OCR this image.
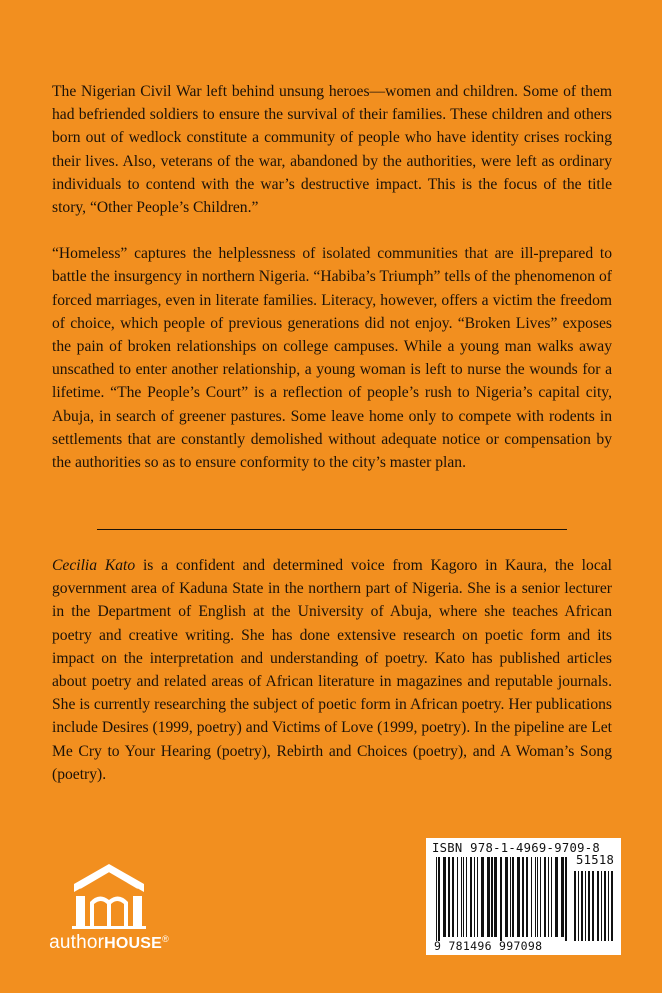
The Nigerian Civil War left behind unsung heroes—women and children. Some of them had befriended soldiers to ensure the survival of their families. These children and others born out of wedlock constitute a community of people who have identity crises rocking their lives. Also, veterans of the war, abandoned by the authorities, were left as ordinary individuals to contend with the war’s destructive impact. This is the focus of the title story, “Other People’s Children.”

“Homeless” captures the helplessness of isolated communities that are ill-prepared to battle the insurgency in northern Nigeria. “Habiba’s Triumph” tells of the phenomenon of forced marriages, even in literate families. Literacy, however, offers a victim the freedom of choice, which people of previous generations did not enjoy. “Broken Lives” exposes the pain of broken relationships on college campuses. While a young man walks away unscathed to enter another relationship, a young woman is left to nurse the wounds for a lifetime. “The People’s Court” is a reflection of people’s rush to Nigeria’s capital city, Abuja, in search of greener pastures. Some leave home only to compete with rodents in settlements that are constantly demolished without adequate notice or compensation by the authorities so as to ensure conformity to the city’s master plan.

Cecilia Kato is a confident and determined voice from Kagoro in Kaura, the local government area of Kaduna State in the northern part of Nigeria. She is a senior lecturer in the Department of English at the University of Abuja, where she teaches African poetry and creative writing. She has done extensive research on poetic form and its impact on the interpretation and understanding of poetry. Kato has published articles about poetry and related areas of African literature in magazines and reputable journals. She is currently researching the subject of poetic form in African poetry. Her publications include Desires (1999, poetry) and Victims of Love (1999, poetry). In the pipeline are Let Me Cry to Your Hearing (poetry), Rebirth and Choices (poetry), and A Woman’s Song (poetry).

authorHOUSE®
ISBN 978-1-4969-9709-8
51518
9 781496 997098
